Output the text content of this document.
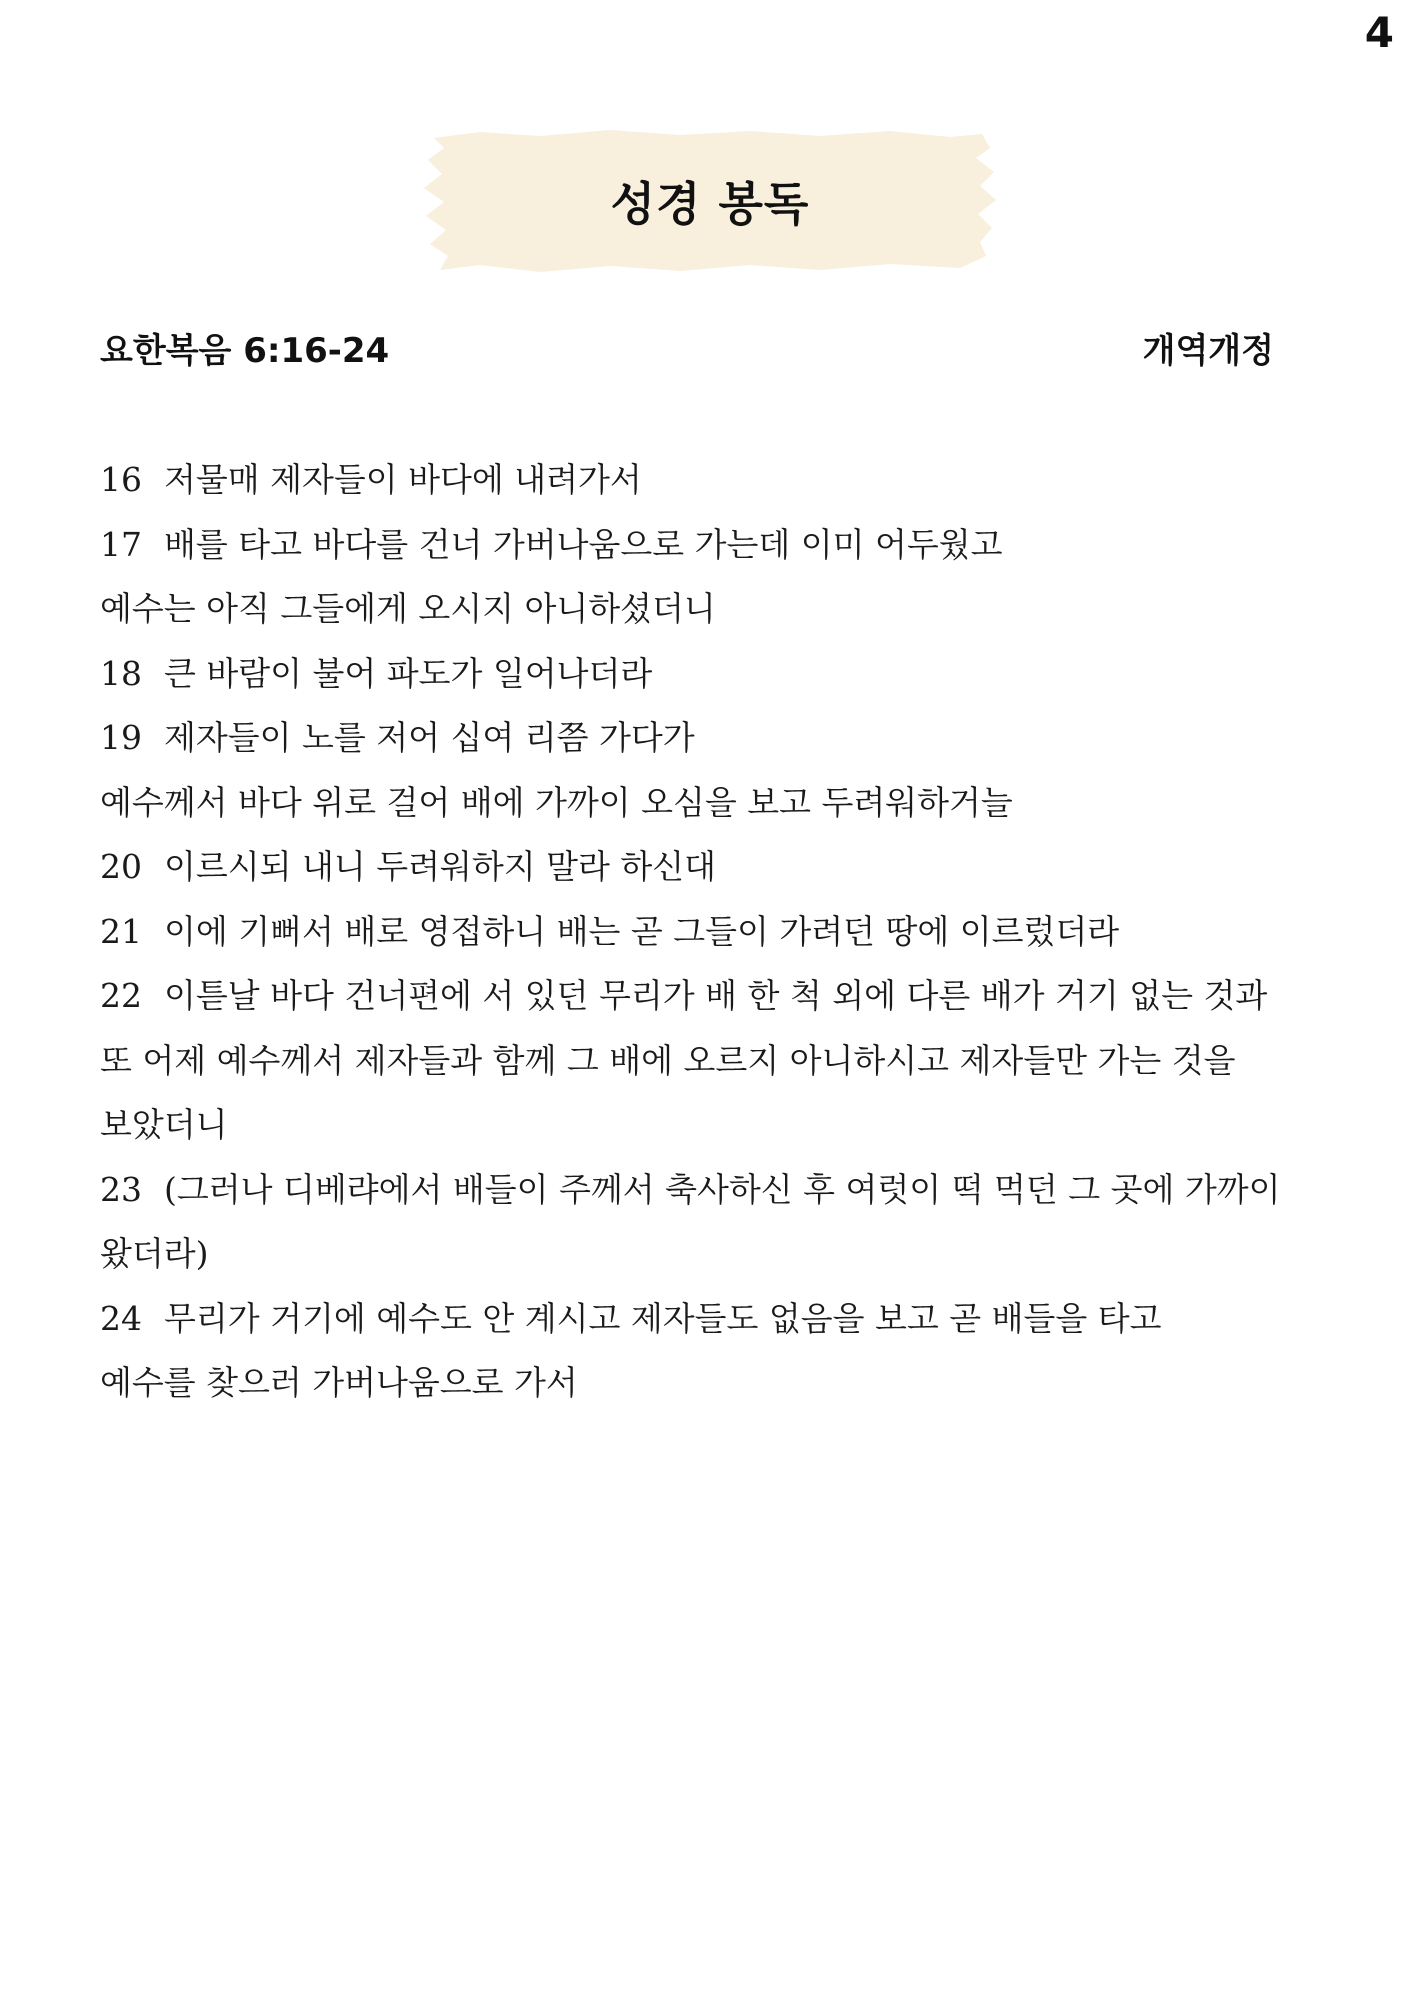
4
성경 봉독
요한복음 6:16-24	개역개정
16 저물매 제자들이 바다에 내려가서
17 배를 타고 바다를 건너 가버나움으로 가는데 이미 어두웠고
예수는 아직 그들에게 오시지 아니하셨더니
18 큰 바람이 불어 파도가 일어나더라
19 제자들이 노를 저어 십여 리쯤 가다가
예수께서 바다 위로 걸어 배에 가까이 오심을 보고 두려워하거늘
20 이르시되 내니 두려워하지 말라 하신대
21 이에 기뻐서 배로 영접하니 배는 곧 그들이 가려던 땅에 이르렀더라
22 이튿날 바다 건너편에 서 있던 무리가 배 한 척 외에 다른 배가 거기 없는 것과
또 어제 예수께서 제자들과 함께 그 배에 오르지 아니하시고 제자들만 가는 것을
보았더니
23 (그러나 디베랴에서 배들이 주께서 축사하신 후 여럿이 떡 먹던 그 곳에 가까이
왔더라)
24 무리가 거기에 예수도 안 계시고 제자들도 없음을 보고 곧 배들을 타고
예수를 찾으러 가버나움으로 가서
